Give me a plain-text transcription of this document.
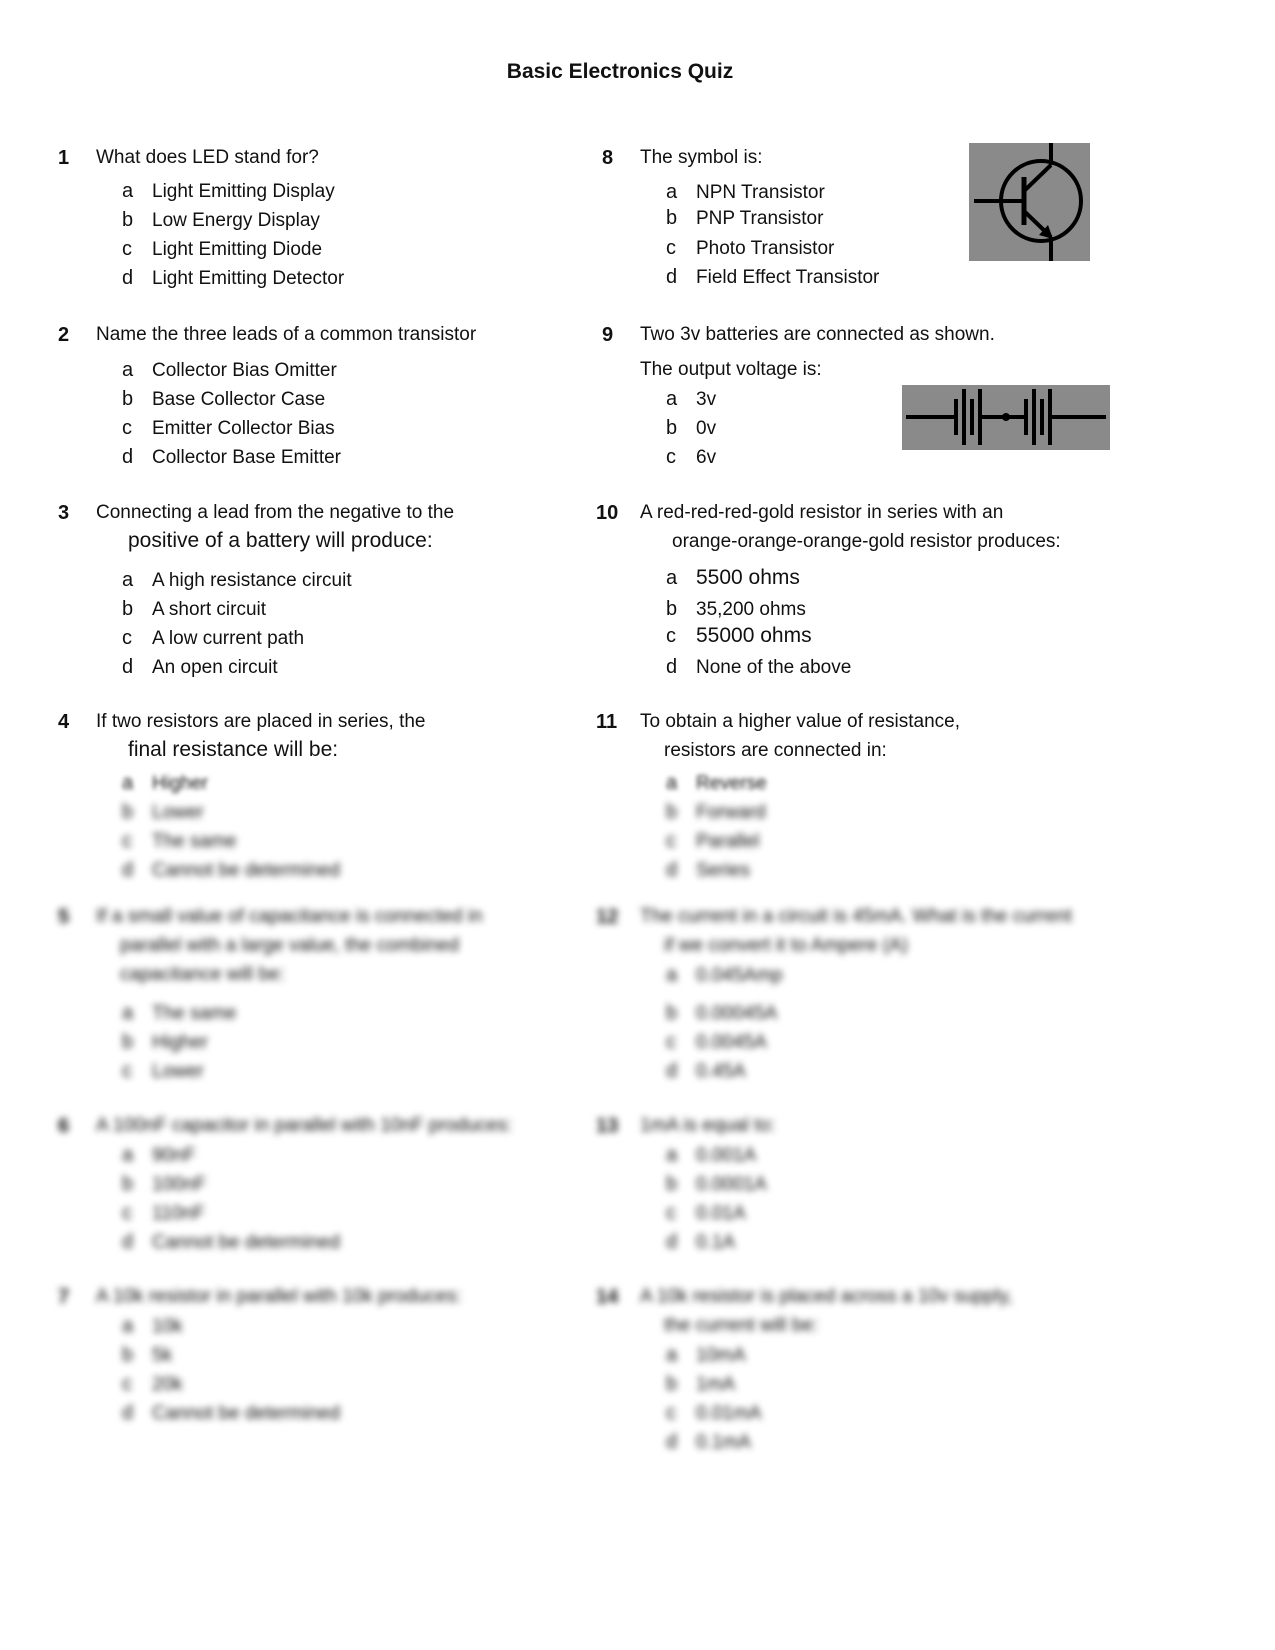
Basic Electronics Quiz
1 What does LED stand for?
a Light Emitting Display
b Low Energy Display
c Light Emitting Diode
d Light Emitting Detector
2 Name the three leads of a common transistor
a Collector Bias Omitter
b Base Collector Case
c Emitter Collector Bias
d Collector Base Emitter
3 Connecting a lead from the negative to the
positive of a battery will produce:
a A high resistance circuit
b A short circuit
c A low current path
d An open circuit
4 If two resistors are placed in series, the
final resistance will be:
a Higher
b Lower
c The same
d Cannot be determined
5 If a small value of capacitance is connected in
parallel with a large value, the combined
capacitance will be:
a The same
b Higher
c Lower
6 A 100nF capacitor in parallel with 10nF produces:
a 90nF
b 100nF
c 110nF
d Cannot be determined
7 A 10k resistor in parallel with 10k produces:
a 10k
b 5k
c 20k
d Cannot be determined
8 The symbol is:
a NPN Transistor
b PNP Transistor
c Photo Transistor
d Field Effect Transistor
9 Two 3v batteries are connected as shown.
The output voltage is:
a 3v
b 0v
c 6v
10 A red-red-red-gold resistor in series with an
orange-orange-orange-gold resistor produces:
a 5500 ohms
b 35,200 ohms
c 55000 ohms
d None of the above
11 To obtain a higher value of resistance,
resistors are connected in:
a Reverse
b Forward
c Parallel
d Series
12 The current in a circuit is 45mA. What is the current
if we convert it to Ampere (A)
a 0.045Amp
b 0.00045A
c 0.0045A
d 0.45A
13 1mA is equal to:
a 0.001A
b 0.0001A
c 0.01A
d 0.1A
14 A 10k resistor is placed across a 10v supply,
the current will be:
a 10mA
b 1mA
c 0.01mA
d 0.1mA
